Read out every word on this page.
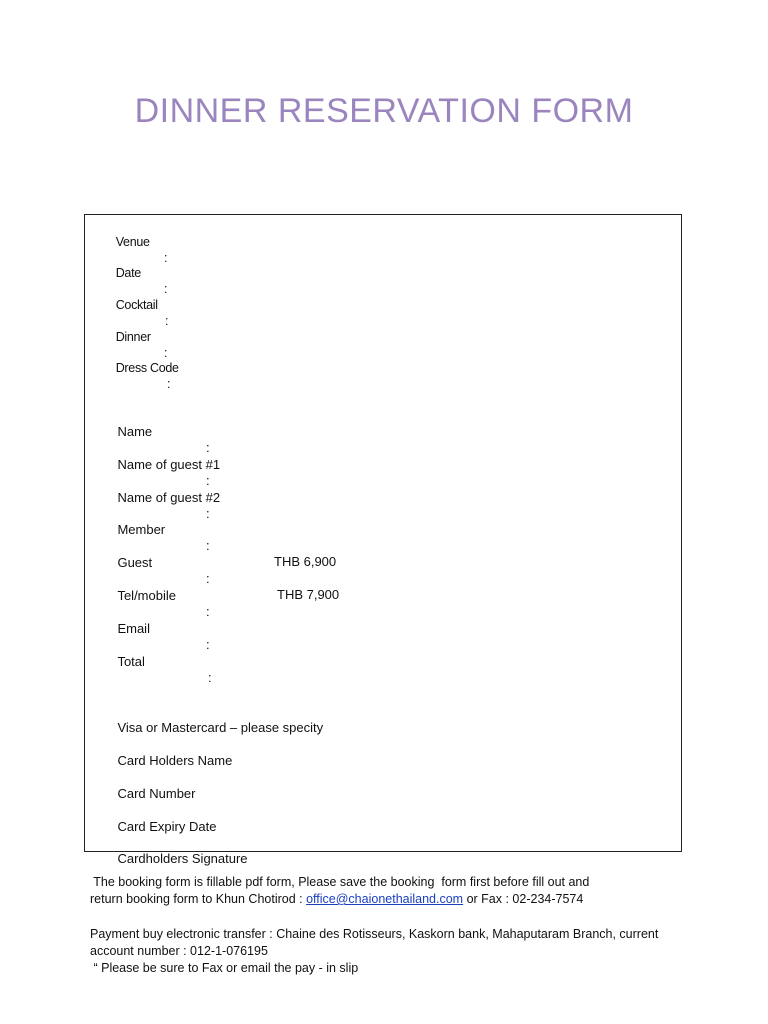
DINNER RESERVATION FORM

Venue

:

Date

:

Cocktail

:

Dinner

:

Dress Code

:

Name

:

Name of guest #1

:

Name of guest #2

:

Member

:

THB 6,900

Guest

:

THB 7,900

Tel/mobile

:

Email

:

Total

:

Visa or Mastercard – please specity

Card Holders Name

Card Number

Card Expiry Date

Cardholders Signature

The booking form is fillable pdf form, Please save the booking  form first before fill out and
return booking form to Khun Chotirod : office@chaionethailand.com or Fax : 02-234-7574
Payment buy electronic transfer : Chaine des Rotisseurs, Kaskorn bank, Mahaputaram Branch, current
account number : 012-1-076195
“ Please be sure to Fax or email the pay - in slip
